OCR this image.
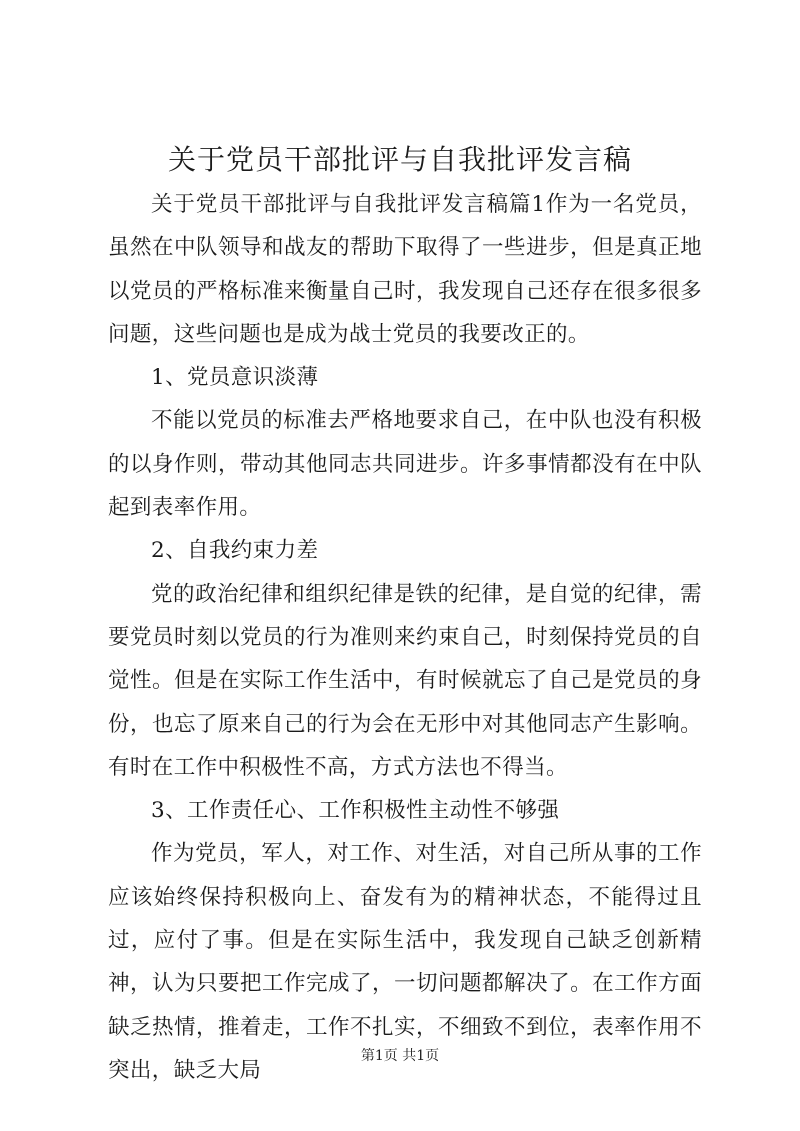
关于党员干部批评与自我批评发言稿

关于党员干部批评与自我批评发言稿篇1作为一名党员，虽然在中队领导和战友的帮助下取得了一些进步，但是真正地以党员的严格标准来衡量自己时，我发现自己还存在很多很多问题，这些问题也是成为战士党员的我要改正的。

1、党员意识淡薄

不能以党员的标准去严格地要求自己，在中队也没有积极的以身作则，带动其他同志共同进步。许多事情都没有在中队起到表率作用。

2、自我约束力差

党的政治纪律和组织纪律是铁的纪律，是自觉的纪律，需要党员时刻以党员的行为准则来约束自己，时刻保持党员的自觉性。但是在实际工作生活中，有时候就忘了自己是党员的身份，也忘了原来自己的行为会在无形中对其他同志产生影响。有时在工作中积极性不高，方式方法也不得当。

3、工作责任心、工作积极性主动性不够强

作为党员，军人，对工作、对生活，对自己所从事的工作应该始终保持积极向上、奋发有为的精神状态，不能得过且过，应付了事。但是在实际生活中，我发现自己缺乏创新精神，认为只要把工作完成了，一切问题都解决了。在工作方面缺乏热情，推着走，工作不扎实，不细致不到位，表率作用不突出，缺乏大局

第1页 共1页
